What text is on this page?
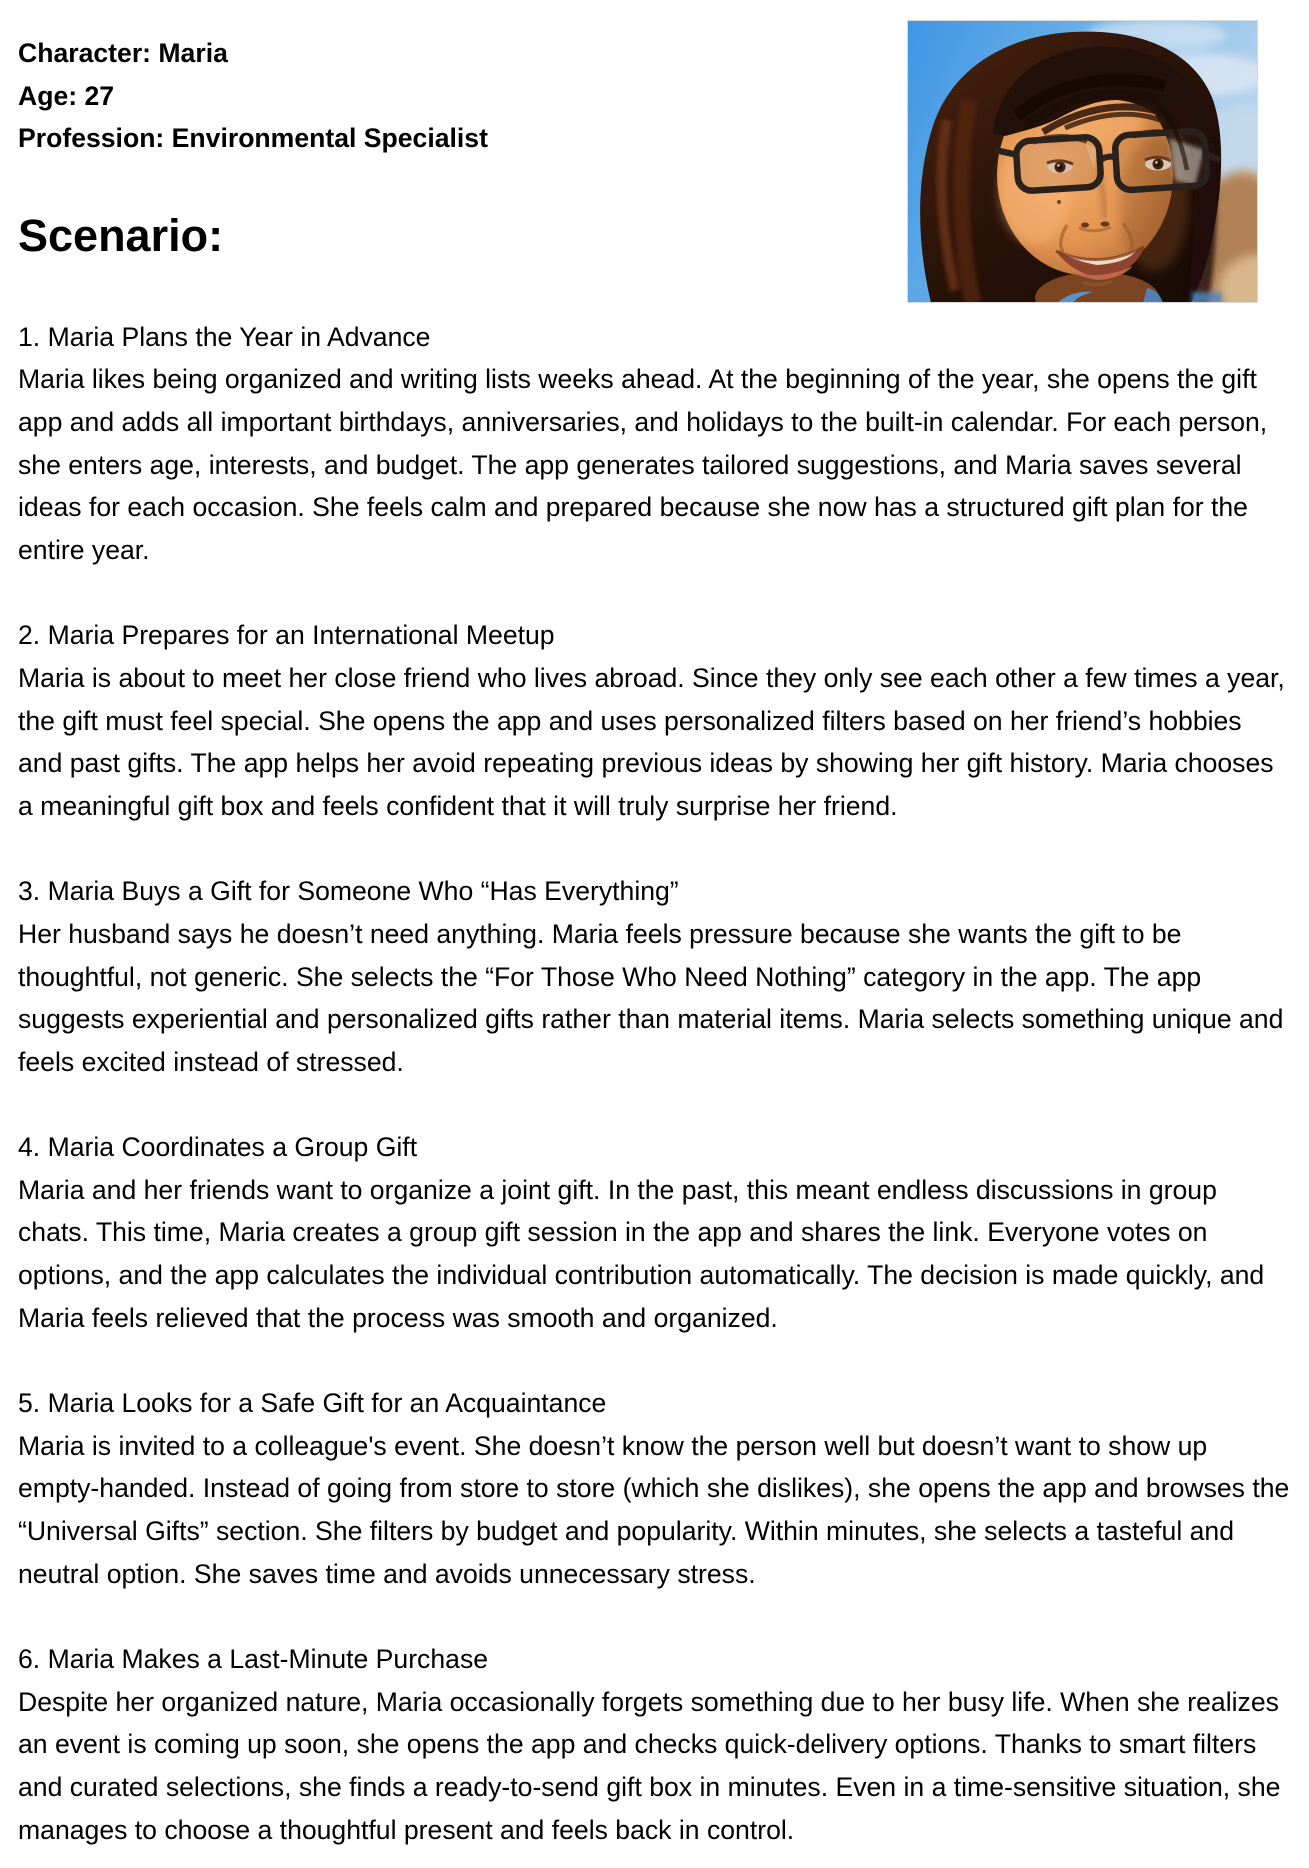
Character: Maria
Age: 27
Profession: Environmental Specialist
Scenario:
1. Maria Plans the Year in Advance

Maria likes being organized and writing lists weeks ahead. At the beginning of the year, she opens the gift app and adds all important birthdays, anniversaries, and holidays to the built-in calendar. For each person, she enters age, interests, and budget. The app generates tailored suggestions, and Maria saves several ideas for each occasion. She feels calm and prepared because she now has a structured gift plan for the entire year.

2. Maria Prepares for an International Meetup

Maria is about to meet her close friend who lives abroad. Since they only see each other a few times a year, the gift must feel special. She opens the app and uses personalized filters based on her friend’s hobbies and past gifts. The app helps her avoid repeating previous ideas by showing her gift history. Maria chooses a meaningful gift box and feels confident that it will truly surprise her friend.

3. Maria Buys a Gift for Someone Who “Has Everything”

Her husband says he doesn’t need anything. Maria feels pressure because she wants the gift to be thoughtful, not generic. She selects the “For Those Who Need Nothing” category in the app. The app suggests experiential and personalized gifts rather than material items. Maria selects something unique and feels excited instead of stressed.

4. Maria Coordinates a Group Gift

Maria and her friends want to organize a joint gift. In the past, this meant endless discussions in group chats. This time, Maria creates a group gift session in the app and shares the link. Everyone votes on options, and the app calculates the individual contribution automatically. The decision is made quickly, and Maria feels relieved that the process was smooth and organized.

5. Maria Looks for a Safe Gift for an Acquaintance

Maria is invited to a colleague's event. She doesn’t know the person well but doesn’t want to show up empty-handed. Instead of going from store to store (which she dislikes), she opens the app and browses the “Universal Gifts” section. She filters by budget and popularity. Within minutes, she selects a tasteful and neutral option. She saves time and avoids unnecessary stress.

6. Maria Makes a Last-Minute Purchase

Despite her organized nature, Maria occasionally forgets something due to her busy life. When she realizes an event is coming up soon, she opens the app and checks quick-delivery options. Thanks to smart filters and curated selections, she finds a ready-to-send gift box in minutes. Even in a time-sensitive situation, she manages to choose a thoughtful present and feels back in control.
